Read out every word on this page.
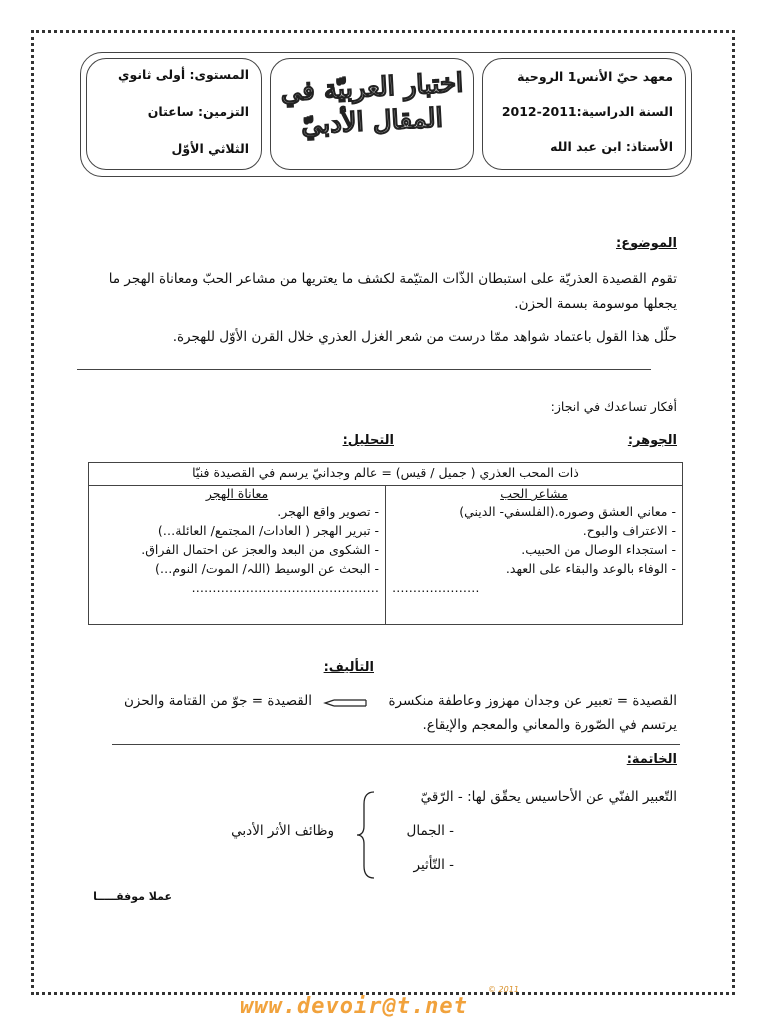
معهد حيّ الأنس1 الروحية
السنة الدراسية:2011-2012
الأستاذ: ابن عبد الله
اختبار العربيّة في
المقال الأدبيّ
المستوى: أولى ثانوي
التزمين: ساعتان
الثلاثي الأوّل
الموضوع:
تقوم القصيدة العذريّة على استبطان الذّات المتيّمة لكشف ما يعتريها من مشاعر الحبّ ومعاناة الهجر ما
يجعلها موسومة بسمة الحزن.
حلّل هذا القول باعتماد شواهد ممّا درست من شعر الغزل العذري خلال القرن الأوّل للهجرة.
أفكار تساعدك في انجاز:
الجوهر:
التحليل:
ذات المحب العذري ( جميل / قيس) = عالم وجدانيّ يرسم في القصيدة فنيّا

مشاعر الحب
- معاني العشق وصوره.(الفلسفي- الديني)
- الاعتراف والبوح.
- استجداء الوصال من الحبيب.
- الوفاء بالوعد والبقاء على العهد.
…………………

معاناة الهجر
- تصوير واقع الهجر.
- تبرير الهجر ( العادات/ المجتمع/ العائلة…)
- الشكوى من البعد والعجز عن احتمال الفراق.
- البحث عن الوسيط (اللہ/ الموت/ النوم…)
………………………………………
التأليف:
القصيدة = تعبير عن وجدان مهزوز وعاطفة منكسرة
القصيدة = جوّ من القتامة والحزن
يرتسم في الصّورة والمعاني والمعجم والإيقاع.
الخاتمة:
التّعبير الفنّي عن الأحاسيس يحقّق لها: - الرّقيّ
- الجمال
- التّأثير
وظائف الأثر الأدبي
عملا موفقـــــا
www.devoir@t.net
© 2011
